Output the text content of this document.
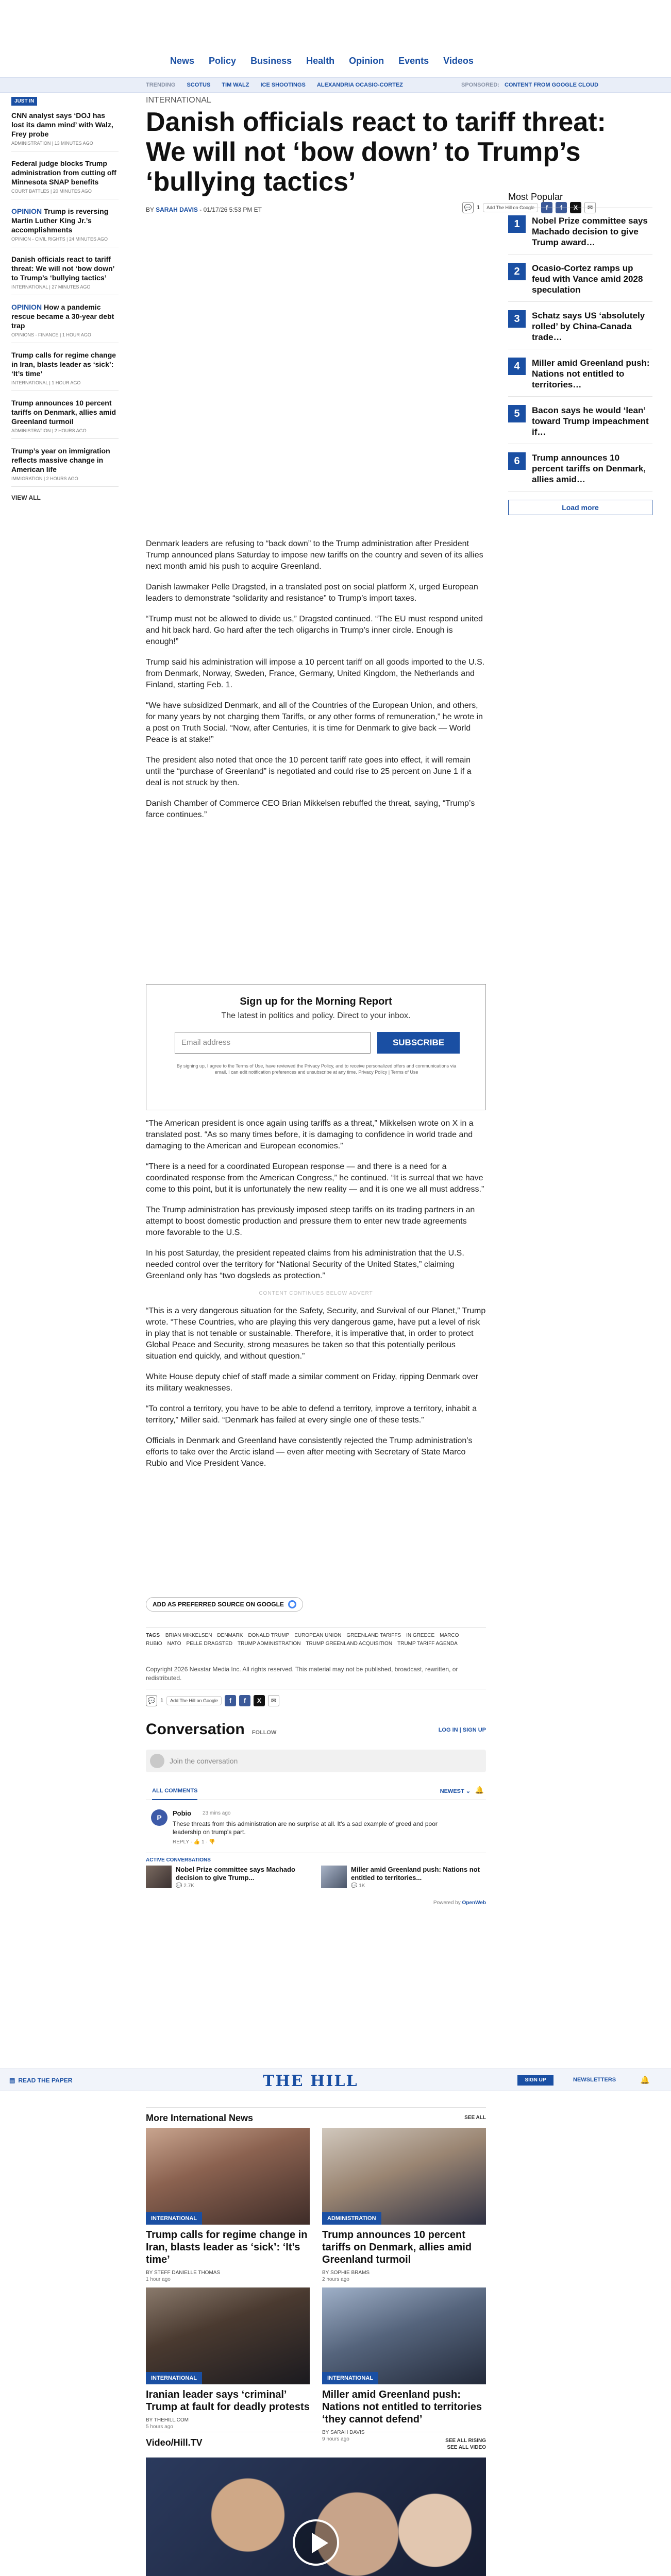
News Policy Business Health Opinion Events Videos
TRENDING SCOTUS TIM WALZ ICE SHOOTINGS ALEXANDRIA OCASIO-CORTEZ	SPONSORED: CONTENT FROM GOOGLE CLOUD
JUST IN
CNN analyst says ‘DOJ has lost its damn mind’ with Walz, Frey probe
ADMINISTRATION | 13 MINUTES AGO
Federal judge blocks Trump administration from cutting off Minnesota SNAP benefits
COURT BATTLES | 20 MINUTES AGO
OPINION Trump is reversing Martin Luther King Jr.’s accomplishments
OPINION - CIVIL RIGHTS | 24 MINUTES AGO
Danish officials react to tariff threat: We will not ‘bow down’ to Trump’s ‘bullying tactics’
INTERNATIONAL | 27 MINUTES AGO
OPINION How a pandemic rescue became a 30-year debt trap
OPINIONS - FINANCE | 1 HOUR AGO
Trump calls for regime change in Iran, blasts leader as ‘sick’: ‘It’s time’
INTERNATIONAL | 1 HOUR AGO
Trump announces 10 percent tariffs on Denmark, allies amid Greenland turmoil
ADMINISTRATION | 2 HOURS AGO
Trump’s year on immigration reflects massive change in American life
IMMIGRATION | 2 HOURS AGO
VIEW ALL
INTERNATIONAL
Danish officials react to tariff threat: We will not ‘bow down’ to Trump’s ‘bullying tactics’
BY SARAH DAVIS - 01/17/26 5:53 PM ET	💬 1	Add The Hill on Google	f	f	X	✉
Most Popular
1	Nobel Prize committee says Machado decision to give Trump award…
2	Ocasio-Cortez ramps up feud with Vance amid 2028 speculation
3	Schatz says US ‘absolutely rolled’ by China-Canada trade…
4	Miller amid Greenland push: Nations not entitled to territories…
5	Bacon says he would ‘lean’ toward Trump impeachment if…
6	Trump announces 10 percent tariffs on Denmark, allies amid…
Load more

Denmark leaders are refusing to “back down” to the Trump administration after President Trump announced plans Saturday to impose new tariffs on the country and seven of its allies next month amid his push to acquire Greenland.

Danish lawmaker Pelle Dragsted, in a translated post on social platform X, urged European leaders to demonstrate “solidarity and resistance” to Trump’s import taxes.

“Trump must not be allowed to divide us,” Dragsted continued. “The EU must respond united and hit back hard. Go hard after the tech oligarchs in Trump’s inner circle. Enough is enough!”

Trump said his administration will impose a 10 percent tariff on all goods imported to the U.S. from Denmark, Norway, Sweden, France, Germany, United Kingdom, the Netherlands and Finland, starting Feb. 1.

“We have subsidized Denmark, and all of the Countries of the European Union, and others, for many years by not charging them Tariffs, or any other forms of remuneration,” he wrote in a post on Truth Social. “Now, after Centuries, it is time for Denmark to give back — World Peace is at stake!”

The president also noted that once the 10 percent tariff rate goes into effect, it will remain until the “purchase of Greenland” is negotiated and could rise to 25 percent on June 1 if a deal is not struck by then.

Danish Chamber of Commerce CEO Brian Mikkelsen rebuffed the threat, saying, “Trump’s farce continues.”

Sign up for the Morning Report
The latest in politics and policy. Direct to your inbox.
Email address	SUBSCRIBE
By signing up, I agree to the Terms of Use, have reviewed the Privacy Policy, and to receive personalized offers and communications via email. I can edit notification preferences and unsubscribe at any time. Privacy Policy | Terms of Use

“The American president is once again using tariffs as a threat,” Mikkelsen wrote on X in a translated post. “As so many times before, it is damaging to confidence in world trade and damaging to the American and European economies.”

“There is a need for a coordinated European response — and there is a need for a coordinated response from the American Congress,” he continued. “It is surreal that we have come to this point, but it is unfortunately the new reality — and it is one we all must address.”

The Trump administration has previously imposed steep tariffs on its trading partners in an attempt to boost domestic production and pressure them to enter new trade agreements more favorable to the U.S.

In his post Saturday, the president repeated claims from his administration that the U.S. needed control over the territory for “National Security of the United States,” claiming Greenland only has “two dogsleds as protection.”

CONTENT CONTINUES BELOW ADVERT

“This is a very dangerous situation for the Safety, Security, and Survival of our Planet,” Trump wrote. “These Countries, who are playing this very dangerous game, have put a level of risk in play that is not tenable or sustainable. Therefore, it is imperative that, in order to protect Global Peace and Security, strong measures be taken so that this potentially perilous situation end quickly, and without question.”

White House deputy chief of staff made a similar comment on Friday, ripping Denmark over its military weaknesses.

“To control a territory, you have to be able to defend a territory, improve a territory, inhabit a territory,” Miller said. “Denmark has failed at every single one of these tests.”

Officials in Denmark and Greenland have consistently rejected the Trump administration’s efforts to take over the Arctic island — even after meeting with Secretary of State Marco Rubio and Vice President Vance.

ADD AS PREFERRED SOURCE ON GOOGLE
TAGS BRIAN MIKKELSEN DENMARK DONALD TRUMP EUROPEAN UNION GREENLAND TARIFFS IN GREECE MARCO RUBIO NATO PELLE DRAGSTED TRUMP ADMINISTRATION TRUMP GREENLAND ACQUISITION TRUMP TARIFF AGENDA
Copyright 2026 Nexstar Media Inc. All rights reserved. This material may not be published, broadcast, rewritten, or redistributed.
💬 1	Add The Hill on Google	f	f	X	✉
Conversation FOLLOW	LOG IN | SIGN UP
Join the conversation
ALL COMMENTS	NEWEST ⌄ 🔔
P
Pobio 23 mins ago
These threats from this administration are no surprise at all. It's a sad example of greed and poor leadership on trump's part.
REPLY · 👍 1 · 👎
ACTIVE CONVERSATIONS
Nobel Prize committee says Machado decision to give Trump...
💬 2.7K
Miller amid Greenland push: Nations not entitled to territories...
💬 1K
Powered by OpenWeb
▤ READ THE PAPER	THE HILL	SIGN UP	NEWSLETTERS	🔔
More International News	SEE ALL
INTERNATIONAL
Trump calls for regime change in Iran, blasts leader as ‘sick’: ‘It’s time’
BY STEFF DANIELLE THOMAS
1 hour ago
ADMINISTRATION
Trump announces 10 percent tariffs on Denmark, allies amid Greenland turmoil
BY SOPHIE BRAMS
2 hours ago
INTERNATIONAL
Iranian leader says ‘criminal’ Trump at fault for deadly protests
BY THEHILL.COM
5 hours ago
INTERNATIONAL
Miller amid Greenland push: Nations not entitled to territories ‘they cannot defend’
BY SARAH DAVIS
9 hours ago
Video/Hill.TV	SEE ALL RISING
SEE ALL VIDEO
